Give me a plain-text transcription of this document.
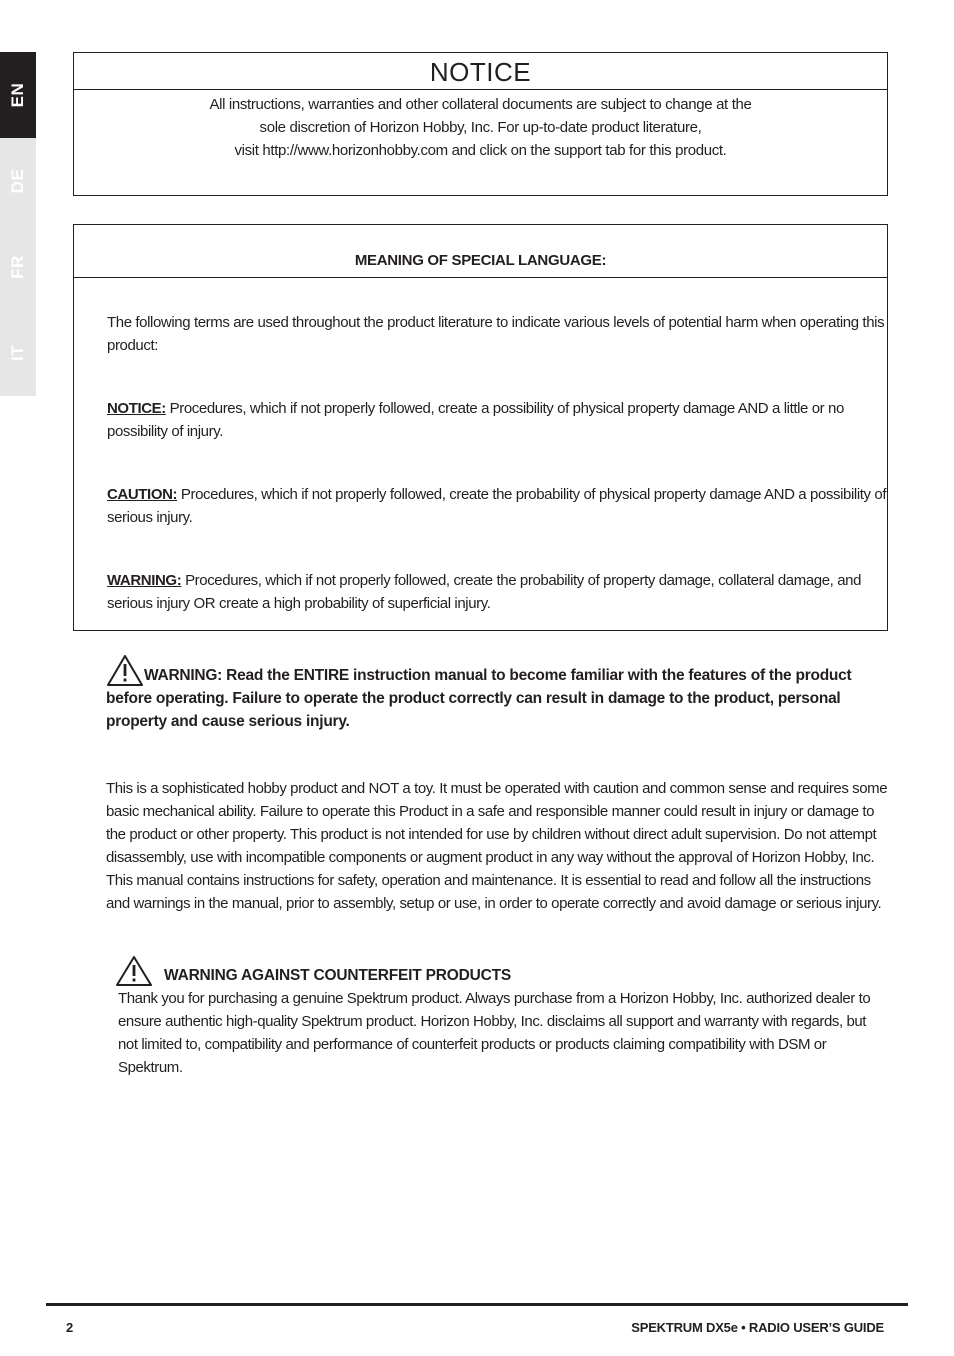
EN
DE
FR
IT
NOTICE
All instructions, warranties and other collateral documents are subject to change at the
sole discretion of Horizon Hobby, Inc. For up-to-date product literature,
visit http://www.horizonhobby.com and click on the support tab for this product.
MEANING OF SPECIAL LANGUAGE:
The following terms are used throughout the product literature to indicate various levels of potential harm when operating this product:
NOTICE: Procedures, which if not properly followed, create a possibility of physical property damage AND a little or no possibility of injury.
CAUTION: Procedures, which if not properly followed, create the probability of physical property damage AND a possibility of serious injury.
WARNING: Procedures, which if not properly followed, create the probability of property damage, collateral damage, and serious injury OR create a high probability of superficial injury.
WARNING: Read the ENTIRE instruction manual to become familiar with the features of the product before operating. Failure to operate the product correctly can result in damage to the product, personal property and cause serious injury.
This is a sophisticated hobby product and NOT a toy. It must be operated with caution and common sense and requires some basic mechanical ability. Failure to operate this Product in a safe and responsible manner could result in injury or damage to the product or other property. This product is not intended for use by children without direct adult supervision. Do not attempt disassembly, use with incompatible components or augment product in any way without the approval of Horizon Hobby, Inc. This manual contains instructions for safety, operation and maintenance. It is essential to read and follow all the instructions and warnings in the manual, prior to assembly, setup or use, in order to operate correctly and avoid damage or serious injury.
WARNING AGAINST COUNTERFEIT PRODUCTS
Thank you for purchasing a genuine Spektrum product. Always purchase from a Horizon Hobby, Inc. authorized dealer to ensure authentic high-quality Spektrum product. Horizon Hobby, Inc. disclaims all support and warranty with regards, but not limited to, compatibility and performance of counterfeit products or products claiming compatibility with DSM or Spektrum.
2	SPEKTRUM DX5e • RADIO USER’S GUIDE
